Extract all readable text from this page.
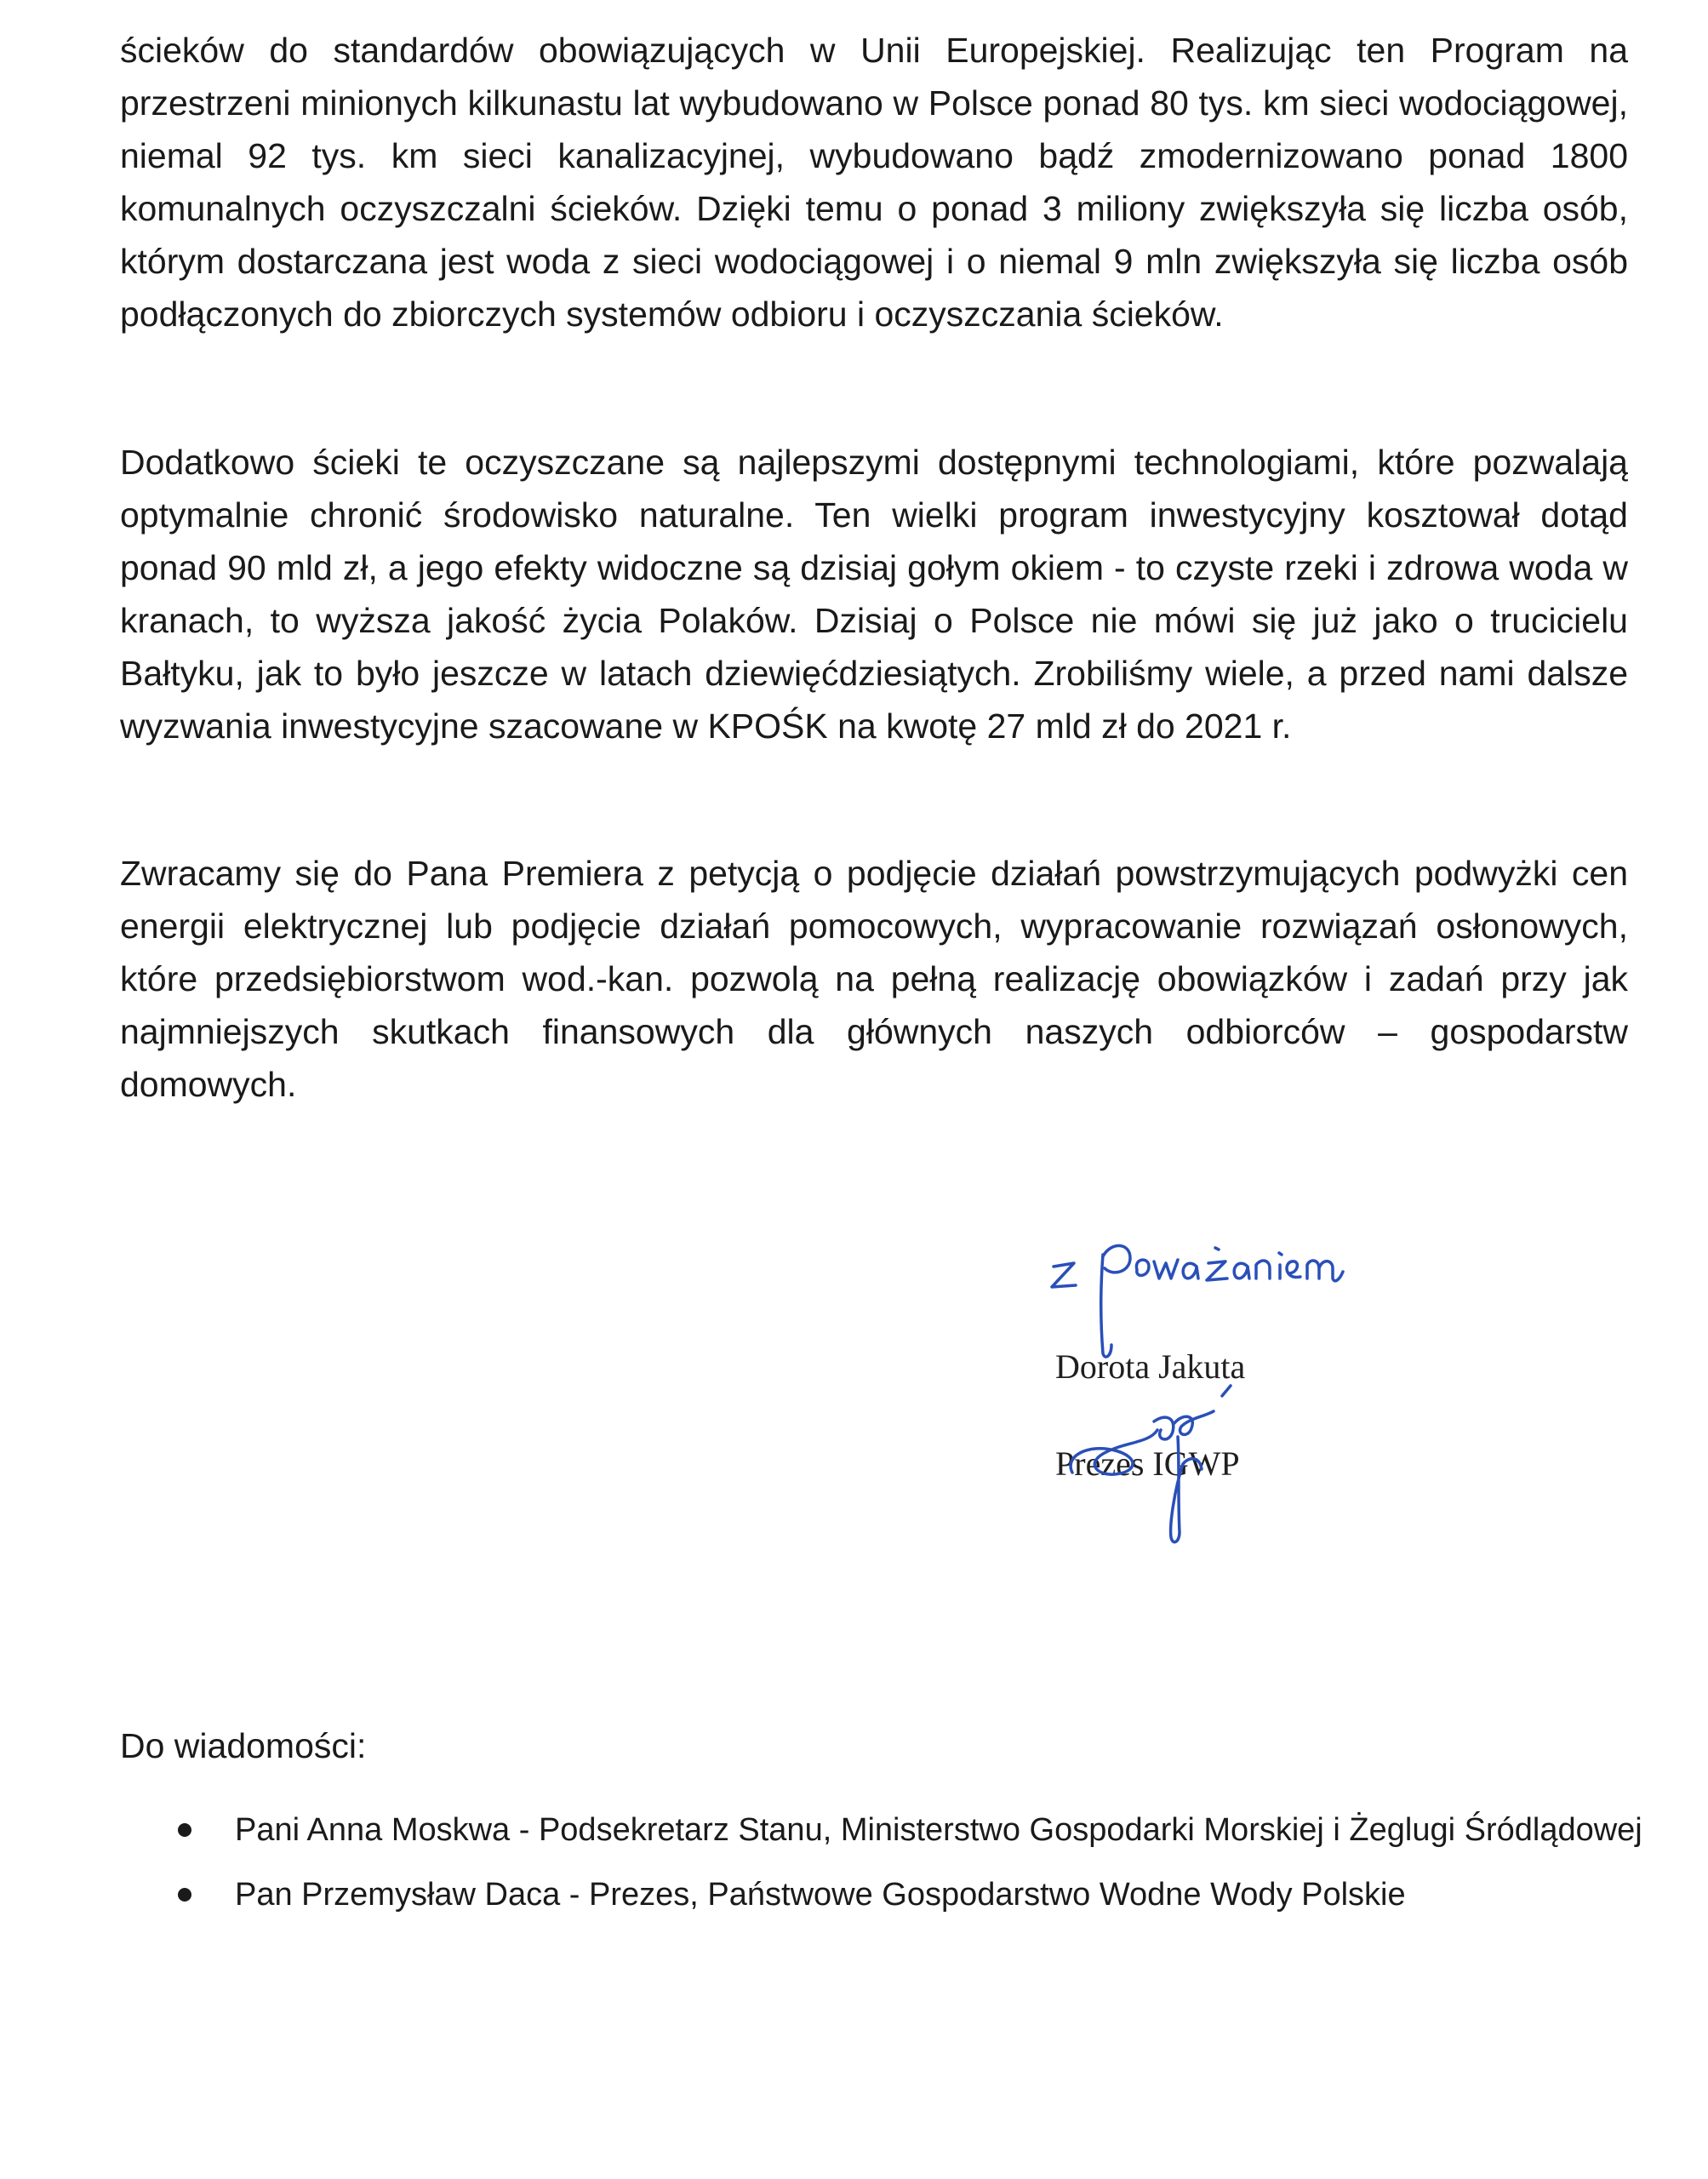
ścieków do standardów obowiązujących w Unii Europejskiej. Realizując ten Program na przestrzeni minionych kilkunastu lat wybudowano w Polsce ponad 80 tys. km sieci wodociągowej, niemal 92 tys. km sieci kanalizacyjnej, wybudowano bądź zmodernizowano ponad 1800 komunalnych oczyszczalni ścieków. Dzięki temu o ponad 3 miliony zwiększyła się liczba osób, którym dostarczana jest woda z sieci wodociągowej i o niemal 9 mln zwiększyła się liczba osób podłączonych do zbiorczych systemów odbioru i oczyszczania ścieków.

Dodatkowo ścieki te oczyszczane są najlepszymi dostępnymi technologiami, które pozwalają optymalnie chronić środowisko naturalne. Ten wielki program inwestycyjny kosztował dotąd ponad 90 mld zł, a jego efekty widoczne są dzisiaj gołym okiem - to czyste rzeki i zdrowa woda w kranach, to wyższa jakość życia Polaków. Dzisiaj o Polsce nie mówi się już jako o trucicielu Bałtyku, jak to było jeszcze w latach dziewięćdziesiątych. Zrobiliśmy wiele, a przed nami dalsze wyzwania inwestycyjne szacowane w KPOŚK na kwotę 27 mld zł do 2021 r.

Zwracamy się do Pana Premiera z petycją o podjęcie działań powstrzymujących podwyżki cen energii elektrycznej lub podjęcie działań pomocowych, wypracowanie rozwiązań osłonowych, które przedsiębiorstwom wod.-kan. pozwolą na pełną realizację obowiązków i zadań przy jak najmniejszych skutkach finansowych dla głównych naszych odbiorców – gospodarstw domowych.

Dorota Jakuta
Prezes IGWP

Do wiadomości:

Pani Anna Moskwa - Podsekretarz Stanu, Ministerstwo Gospodarki Morskiej i Żeglugi Śródlądowej
Pan Przemysław Daca - Prezes, Państwowe Gospodarstwo Wodne Wody Polskie
